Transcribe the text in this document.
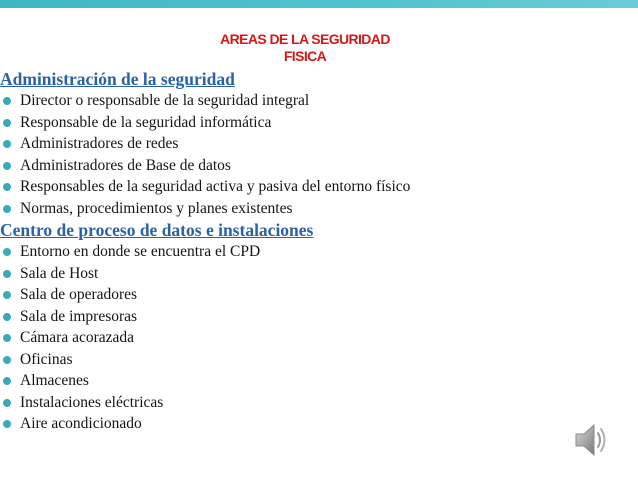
AREAS DE LA SEGURIDAD
FISICA
Administración de la seguridad
Director o responsable de la seguridad integral
Responsable de la seguridad informática
Administradores de redes
Administradores de Base de datos
Responsables de la seguridad activa y pasiva del entorno físico
Normas, procedimientos y planes existentes
Centro de proceso de datos e instalaciones
Entorno en donde se encuentra el CPD
Sala de Host
Sala de operadores
Sala de impresoras
Cámara acorazada
Oficinas
Almacenes
Instalaciones eléctricas
Aire acondicionado
